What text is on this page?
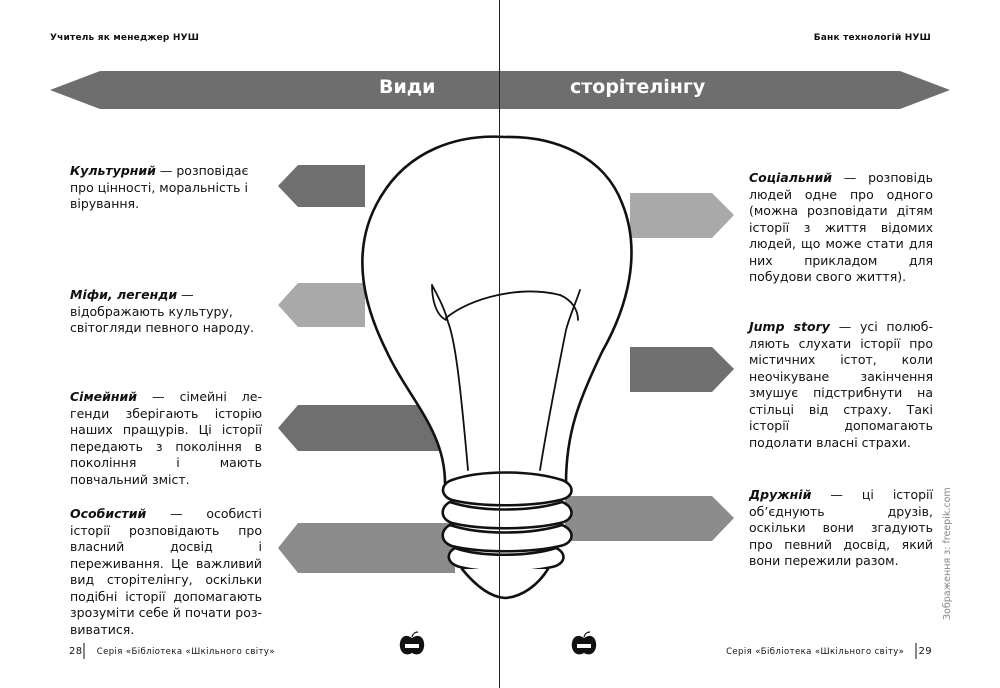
Учитель як менеджер НУШ	Банк технологій НУШ
Види	сторітелінгу
Культурний — розповідає про цінності, моральність і вірування.
Міфи, легенди — відображають культуру, світогляди певного народу.
Сімейний — сімейні легенди зберігають історію наших пращурів. Ці історії передають з покоління в покоління і мають повчальний зміст.
Особистий — особисті історії розповідають про власний досвід і переживання. Це важливий вид сторітелінгу, оскільки подібні історії допомагають зрозуміти себе й почати розвиватися.
Соціальний — розповідь людей одне про одного (можна розповідати дітям історії з життя відомих людей, що може стати для них прикладом для побудови свого життя).
Jump story — усі полюбляють слухати історії про містичних істот, коли неочікуване закінчення змушує підстрибнути на стільці від страху. Такі історії допомагають подолати власні страхи.
Дружній — ці історії об’єднують друзів, оскільки вони згадують про певний досвід, який вони пережили разом.	Зображення з: freepik.com
28 Серія «Бібліотека «Шкільного світу»	Серія «Бібліотека «Шкільного світу» 29
